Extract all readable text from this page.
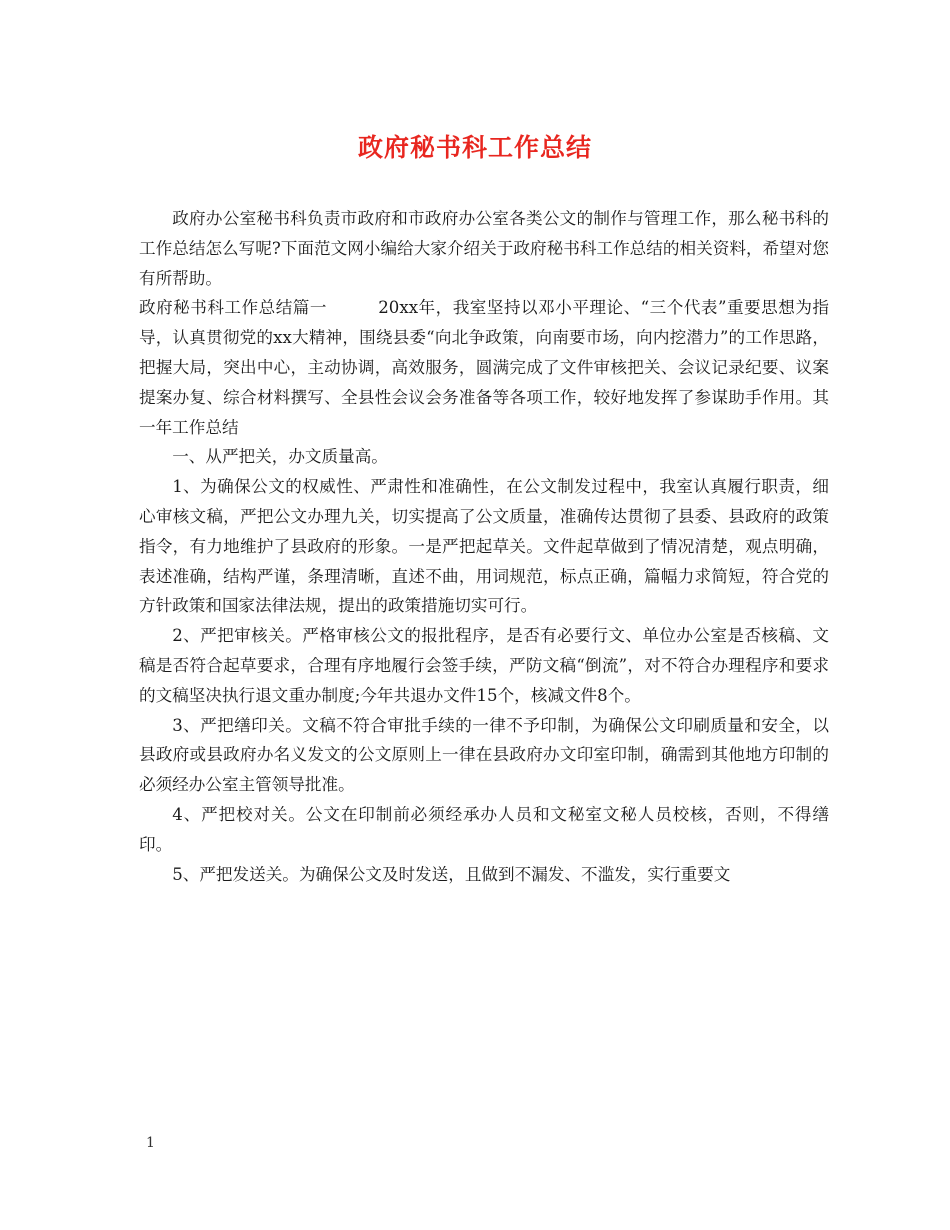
政府秘书科工作总结

政府办公室秘书科负责市政府和市政府办公室各类公文的制作与管理工作，那么秘书科的工作总结怎么写呢?下面范文网小编给大家介绍关于政府秘书科工作总结的相关资料，希望对您有所帮助。

政府秘书科工作总结篇一　　　20xx年，我室坚持以邓小平理论、“三个代表”重要思想为指导，认真贯彻党的xx大精神，围绕县委“向北争政策，向南要市场，向内挖潜力”的工作思路，把握大局，突出中心，主动协调，高效服务，圆满完成了文件审核把关、会议记录纪要、议案提案办复、综合材料撰写、全县性会议会务准备等各项工作，较好地发挥了参谋助手作用。其一年工作总结

一、从严把关，办文质量高。

1、为确保公文的权威性、严肃性和准确性，在公文制发过程中，我室认真履行职责，细心审核文稿，严把公文办理九关，切实提高了公文质量，准确传达贯彻了县委、县政府的政策指令，有力地维护了县政府的形象。一是严把起草关。文件起草做到了情况清楚，观点明确，表述准确，结构严谨，条理清晰，直述不曲，用词规范，标点正确，篇幅力求简短，符合党的方针政策和国家法律法规，提出的政策措施切实可行。

2、严把审核关。严格审核公文的报批程序，是否有必要行文、单位办公室是否核稿、文稿是否符合起草要求，合理有序地履行会签手续，严防文稿“倒流”，对不符合办理程序和要求的文稿坚决执行退文重办制度;今年共退办文件15个，核减文件8个。

3、严把缮印关。文稿不符合审批手续的一律不予印制，为确保公文印刷质量和安全，以县政府或县政府办名义发文的公文原则上一律在县政府办文印室印制，确需到其他地方印制的必须经办公室主管领导批准。

4、严把校对关。公文在印制前必须经承办人员和文秘室文秘人员校核，否则，不得缮印。

5、严把发送关。为确保公文及时发送，且做到不漏发、不滥发，实行重要文

1
